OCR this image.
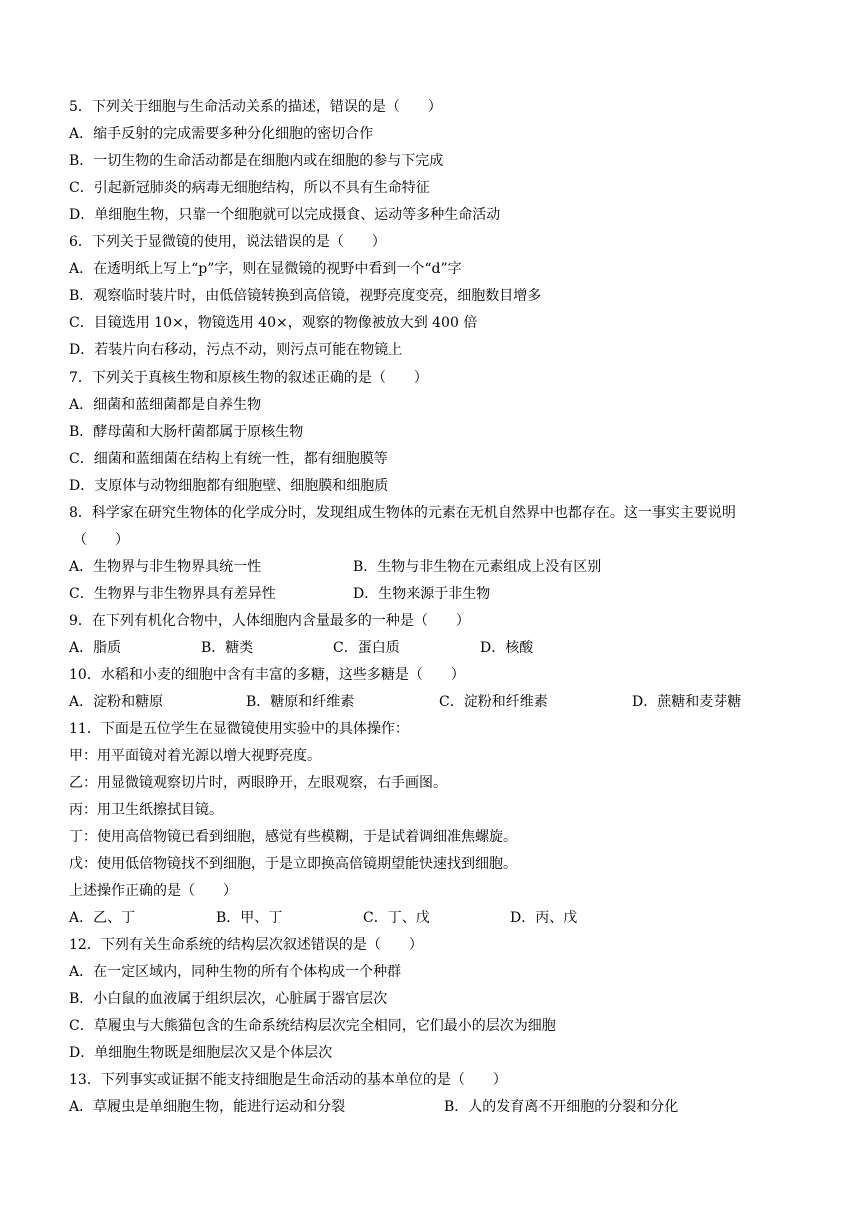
5．下列关于细胞与生命活动关系的描述，错误的是（　　）
A．缩手反射的完成需要多种分化细胞的密切合作
B．一切生物的生命活动都是在细胞内或在细胞的参与下完成
C．引起新冠肺炎的病毒无细胞结构，所以不具有生命特征
D．单细胞生物，只靠一个细胞就可以完成摄食、运动等多种生命活动
6．下列关于显微镜的使用，说法错误的是（　　）
A．在透明纸上写上“p”字，则在显微镜的视野中看到一个“d”字
B．观察临时装片时，由低倍镜转换到高倍镜，视野亮度变亮，细胞数目增多
C．目镜选用 10×，物镜选用 40×，观察的物像被放大到 400 倍
D．若装片向右移动，污点不动，则污点可能在物镜上
7．下列关于真核生物和原核生物的叙述正确的是（　　）
A．细菌和蓝细菌都是自养生物
B．酵母菌和大肠杆菌都属于原核生物
C．细菌和蓝细菌在结构上有统一性，都有细胞膜等
D．支原体与动物细胞都有细胞壁、细胞膜和细胞质
8．科学家在研究生物体的化学成分时，发现组成生物体的元素在无机自然界中也都存在。这一事实主要说明
（　　）
A．生物界与非生物界具统一性	B．生物与非生物在元素组成上没有区别
C．生物界与非生物界具有差异性	D．生物来源于非生物
9．在下列有机化合物中，人体细胞内含量最多的一种是（　　）
A．脂质	B．糖类	C．蛋白质	D．核酸
10．水稻和小麦的细胞中含有丰富的多糖，这些多糖是（　　）
A．淀粉和糖原	B．糖原和纤维素	C．淀粉和纤维素	D．蔗糖和麦芽糖
11．下面是五位学生在显微镜使用实验中的具体操作：
甲：用平面镜对着光源以增大视野亮度。
乙：用显微镜观察切片时，两眼睁开，左眼观察，右手画图。
丙：用卫生纸擦拭目镜。
丁：使用高倍物镜已看到细胞，感觉有些模糊，于是试着调细准焦螺旋。
戊：使用低倍物镜找不到细胞，于是立即换高倍镜期望能快速找到细胞。
上述操作正确的是（　　）
A．乙、丁	B．甲、丁	C．丁、戊	D．丙、戊
12．下列有关生命系统的结构层次叙述错误的是（　　）
A．在一定区域内，同种生物的所有个体构成一个种群
B．小白鼠的血液属于组织层次，心脏属于器官层次
C．草履虫与大熊猫包含的生命系统结构层次完全相同，它们最小的层次为细胞
D．单细胞生物既是细胞层次又是个体层次
13．下列事实或证据不能支持细胞是生命活动的基本单位的是（　　）
A．草履虫是单细胞生物，能进行运动和分裂	B．人的发育离不开细胞的分裂和分化
